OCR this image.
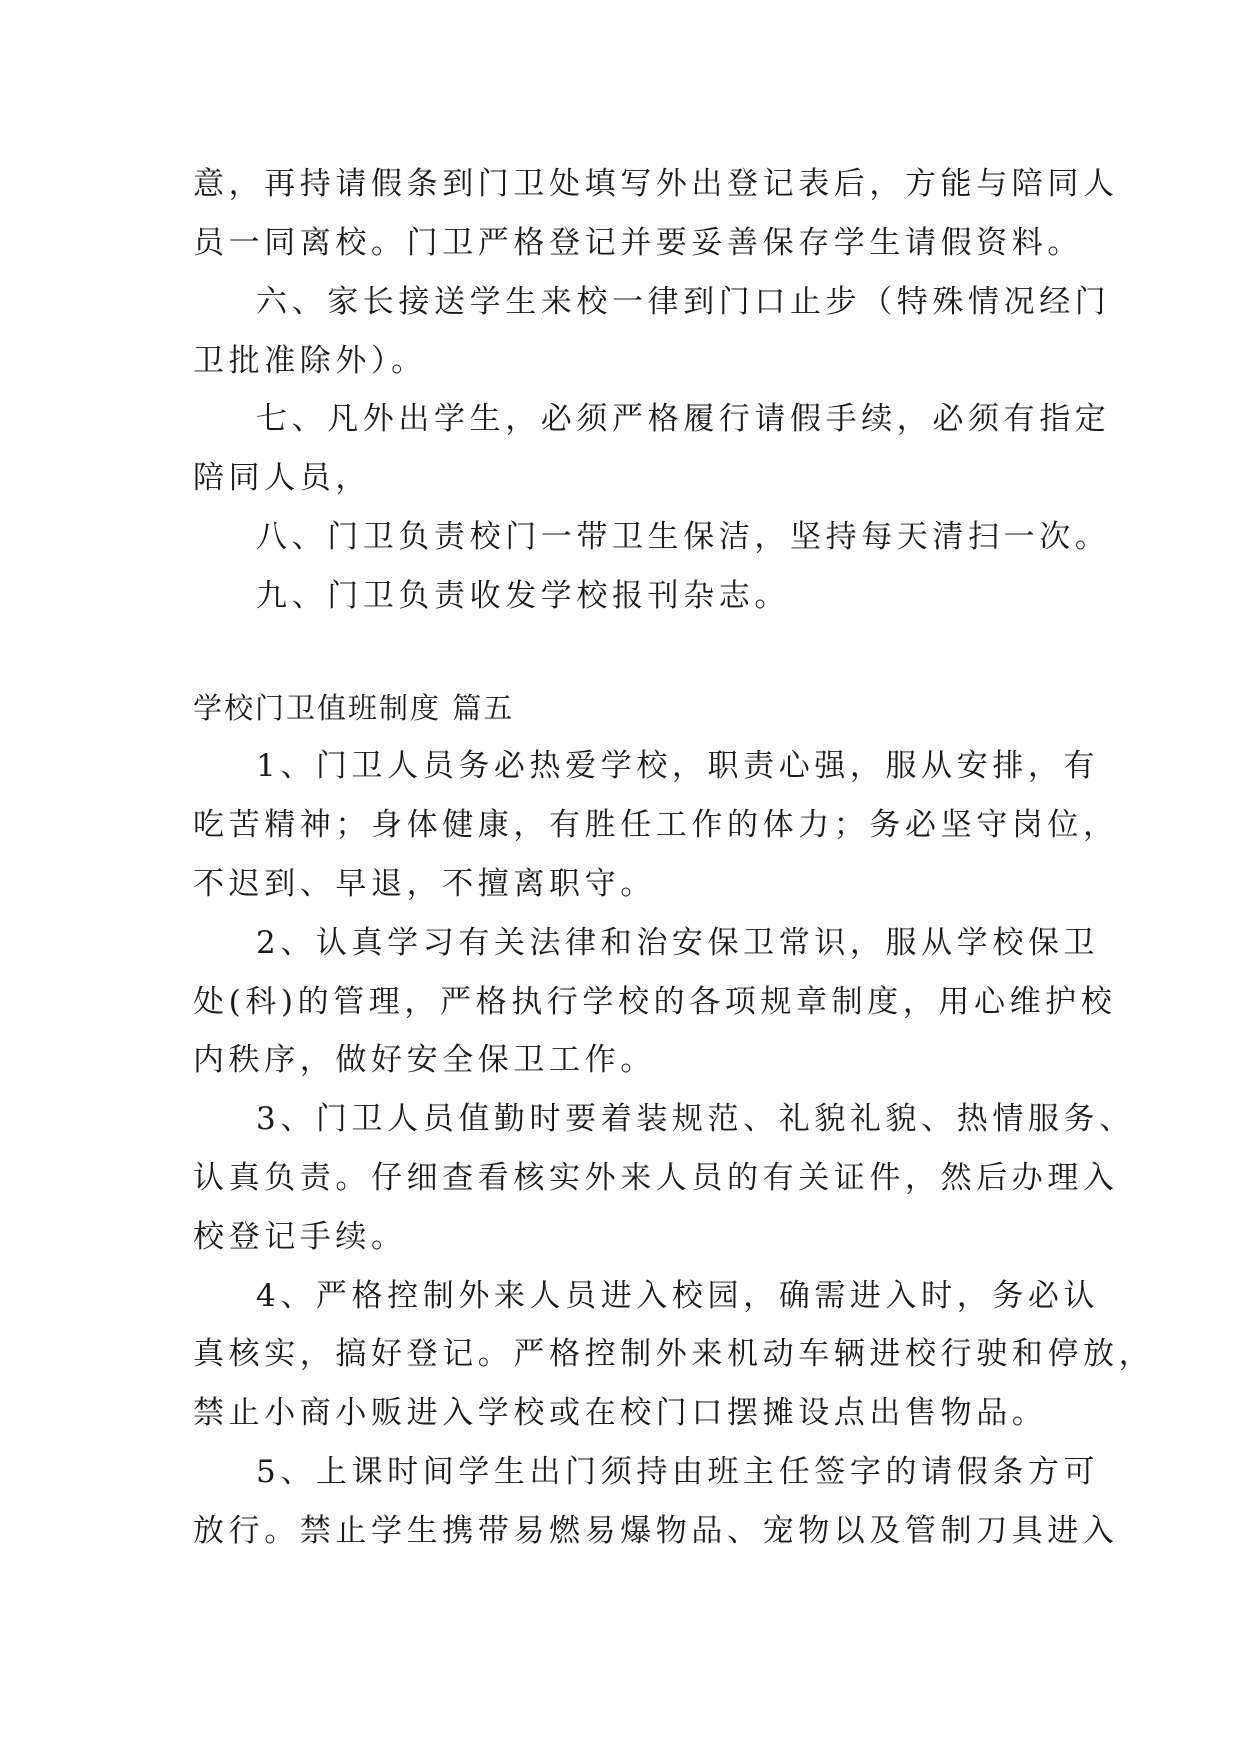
意，再持请假条到门卫处填写外出登记表后，方能与陪同人
员一同离校。门卫严格登记并要妥善保存学生请假资料。
六、家长接送学生来校一律到门口止步（特殊情况经门
卫批准除外）。
七、凡外出学生，必须严格履行请假手续，必须有指定
陪同人员，
八、门卫负责校门一带卫生保洁，坚持每天清扫一次。
九、门卫负责收发学校报刊杂志。
学校门卫值班制度 篇五
1、门卫人员务必热爱学校，职责心强，服从安排，有
吃苦精神；身体健康，有胜任工作的体力；务必坚守岗位，
不迟到、早退，不擅离职守。
2、认真学习有关法律和治安保卫常识，服从学校保卫
处(科)的管理，严格执行学校的各项规章制度，用心维护校
内秩序，做好安全保卫工作。
3、门卫人员值勤时要着装规范、礼貌礼貌、热情服务、
认真负责。仔细查看核实外来人员的有关证件，然后办理入
校登记手续。
4、严格控制外来人员进入校园，确需进入时，务必认
真核实，搞好登记。严格控制外来机动车辆进校行驶和停放，
禁止小商小贩进入学校或在校门口摆摊设点出售物品。
5、上课时间学生出门须持由班主任签字的请假条方可
放行。禁止学生携带易燃易爆物品、宠物以及管制刀具进入
